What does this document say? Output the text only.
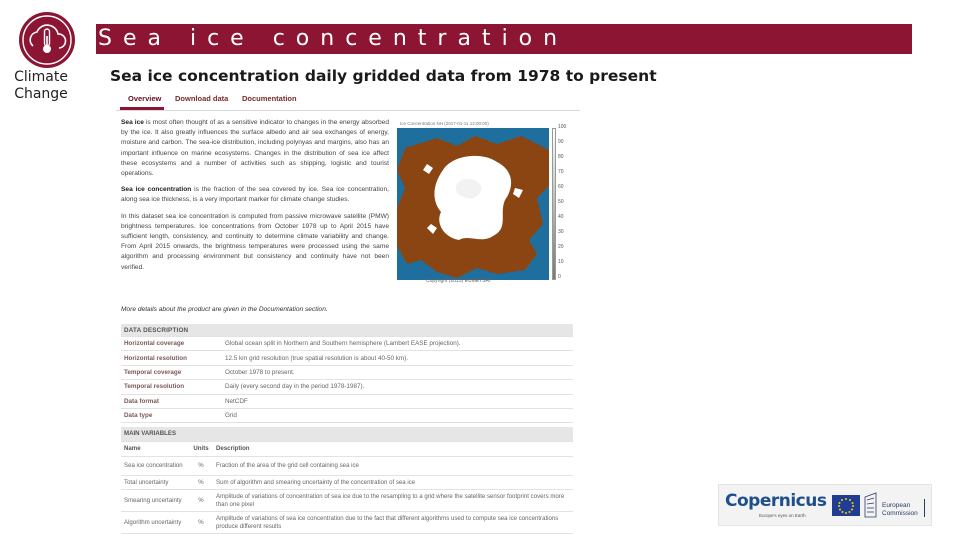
Climate Change
Sea ice concentration
Sea ice concentration daily gridded data from 1978 to present
Overview Download data Documentation

Sea ice is most often thought of as a sensitive indicator to changes in the energy absorbed by the ice. It also greatly influences the surface albedo and air sea exchanges of energy, moisture and carbon. The sea-ice distribution, including polynyas and margins, also has an important influence on marine ecosystems. Changes in the distribution of sea ice affect these ecosystems and a number of activities such as shipping, logistic and tourist operations.

Sea ice concentration is the fraction of the sea covered by ice. Sea ice concentration, along sea ice thickness, is a very important marker for climate change studies.

In this dataset sea ice concentration is computed from passive microwave satellite (PMW) brightness temperatures. Ice concentrations from October 1978 up to April 2015 have sufficient length, consistency, and continuity to determine climate variability and change. From April 2015 onwards, the brightness temperatures were processed using the same algorithm and processing environment but consistency and continuity have not been verified.

More details about the product are given in the Documentation section.
Ice Concentration NH (2017-01-11 12:00:00)
100
90
80
70
60
50
40
30
20
10
0
Copyright (2015) EUMETSAT
DATA DESCRIPTION	
Horizontal coverage	Global ocean split in Northern and Southern hemisphere (Lambert EASE projection).
Horizontal resolution	12.5 km grid resolution (true spatial resolution is about 40-50 km).
Temporal coverage	October 1978 to present.
Temporal resolution	Daily (every second day in the period 1978-1987).
Data format	NetCDF
Data type	Grid
MAIN VARIABLES		
Name	Units	Description
Sea ice concentration	%	Fraction of the area of the grid cell containing sea ice
Total uncertainty	%	Sum of algorithm and smearing uncertainty of the concentration of sea ice
Smearing uncertainty	%	Amplitude of variations of concentration of sea ice due to the resampling to a grid where the satellite sensor footprint covers more than one pixel
Algorithm uncertainty	%	Amplitude of variations of sea ice concentration due to the fact that different algorithms used to compute sea ice concentrations produce different results
Copernicus
Europe's eyes on Earth
European
Commission
